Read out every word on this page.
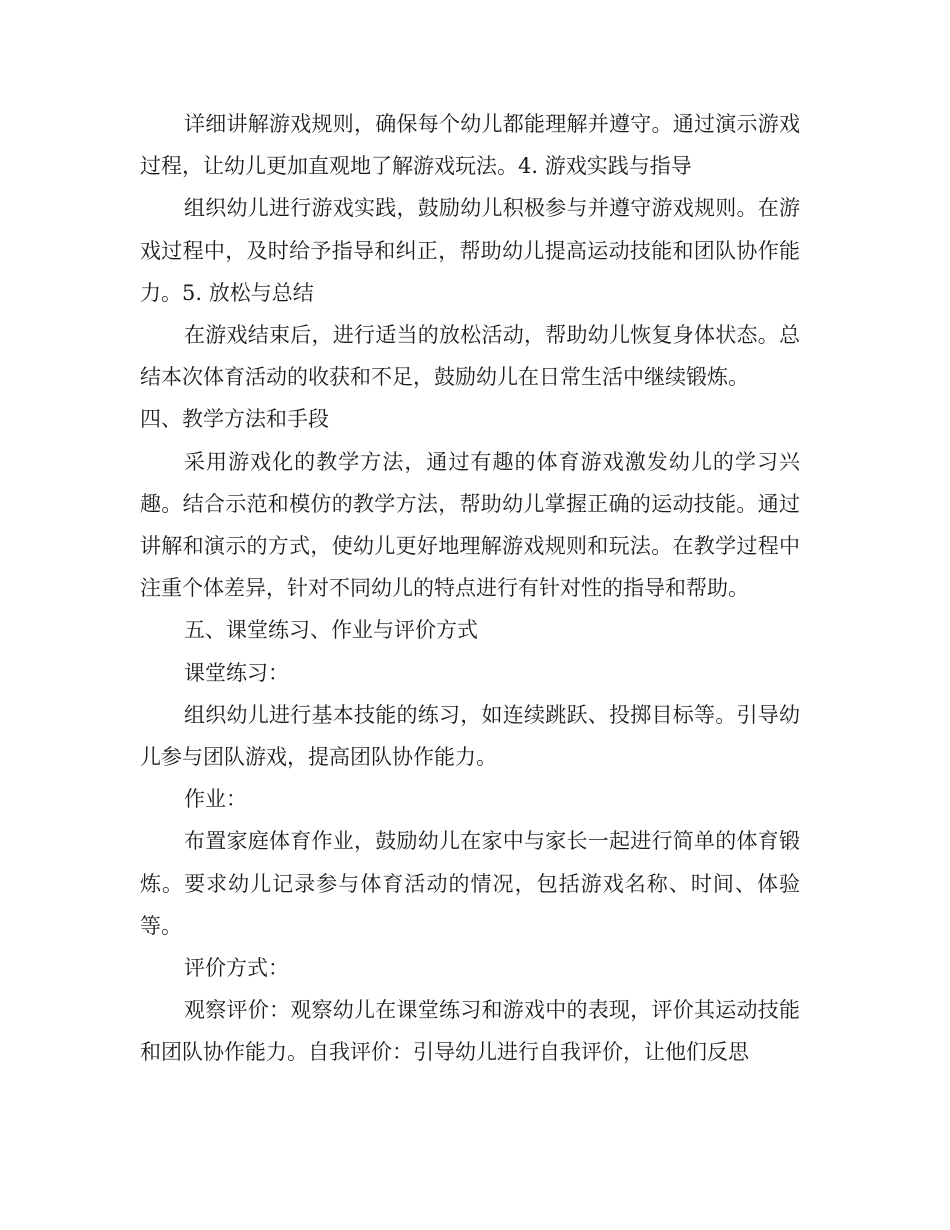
详细讲解游戏规则，确保每个幼儿都能理解并遵守。通过演示游戏过程，让幼儿更加直观地了解游戏玩法。4. 游戏实践与指导

组织幼儿进行游戏实践，鼓励幼儿积极参与并遵守游戏规则。在游戏过程中，及时给予指导和纠正，帮助幼儿提高运动技能和团队协作能力。5. 放松与总结

在游戏结束后，进行适当的放松活动，帮助幼儿恢复身体状态。总结本次体育活动的收获和不足，鼓励幼儿在日常生活中继续锻炼。

四、教学方法和手段

采用游戏化的教学方法，通过有趣的体育游戏激发幼儿的学习兴趣。结合示范和模仿的教学方法，帮助幼儿掌握正确的运动技能。通过讲解和演示的方式，使幼儿更好地理解游戏规则和玩法。在教学过程中注重个体差异，针对不同幼儿的特点进行有针对性的指导和帮助。

五、课堂练习、作业与评价方式

课堂练习：

组织幼儿进行基本技能的练习，如连续跳跃、投掷目标等。引导幼儿参与团队游戏，提高团队协作能力。

作业：

布置家庭体育作业，鼓励幼儿在家中与家长一起进行简单的体育锻炼。要求幼儿记录参与体育活动的情况，包括游戏名称、时间、体验等。

评价方式：

观察评价：观察幼儿在课堂练习和游戏中的表现，评价其运动技能和团队协作能力。自我评价：引导幼儿进行自我评价，让他们反思
